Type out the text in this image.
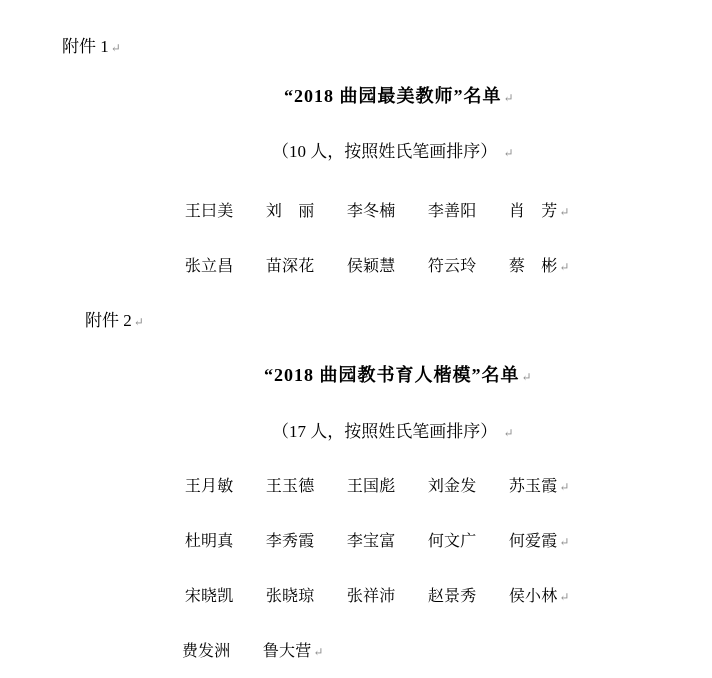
附件 1 ↵

“2018 曲园最美教师”名单 ↵

（10 人，按照姓氏笔画排序） ↵

王曰美　　刘　丽　　李冬楠　　李善阳　　肖　芳 ↵

张立昌　　苗深花　　侯颖慧　　符云玲　　蔡　彬 ↵

附件 2 ↵

“2018 曲园教书育人楷模”名单 ↵

（17 人，按照姓氏笔画排序） ↵

王月敏　　王玉德　　王国彪　　刘金发　　苏玉霞 ↵

杜明真　　李秀霞　　李宝富　　何文广　　何爱霞 ↵

宋晓凯　　张晓琼　　张祥沛　　赵景秀　　侯小林 ↵

费发洲　　鲁大营 ↵
